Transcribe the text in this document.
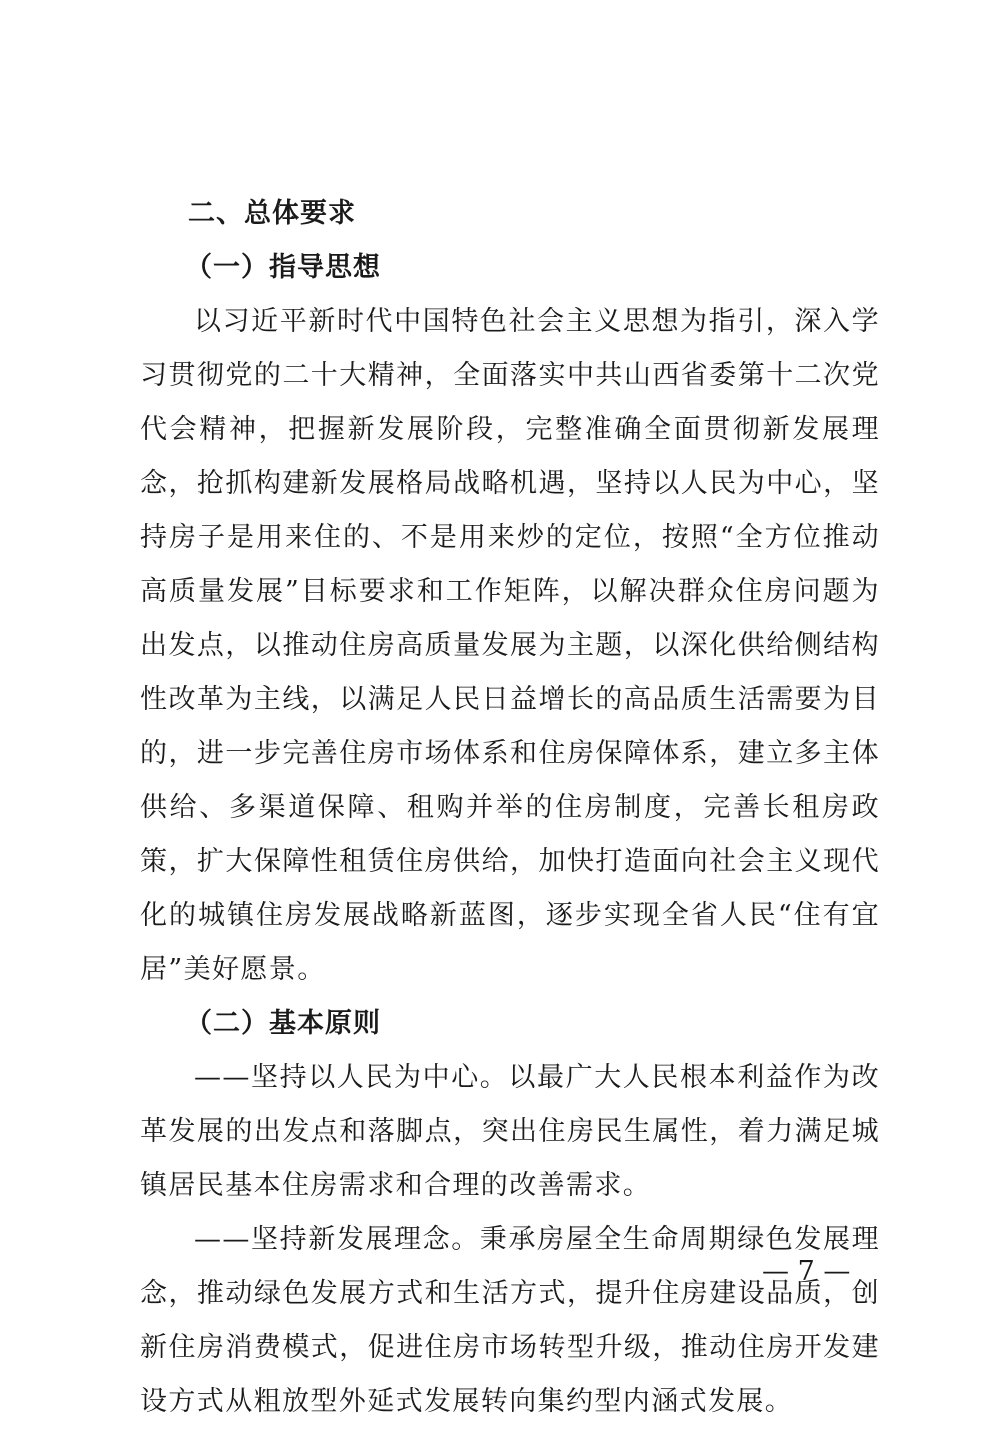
二、总体要求

（一）指导思想

以习近平新时代中国特色社会主义思想为指引，深入学习贯彻党的二十大精神，全面落实中共山西省委第十二次党代会精神，把握新发展阶段，完整准确全面贯彻新发展理念，抢抓构建新发展格局战略机遇，坚持以人民为中心，坚持房子是用来住的、不是用来炒的定位，按照“全方位推动高质量发展”目标要求和工作矩阵，以解决群众住房问题为出发点，以推动住房高质量发展为主题，以深化供给侧结构性改革为主线，以满足人民日益增长的高品质生活需要为目的，进一步完善住房市场体系和住房保障体系，建立多主体供给、多渠道保障、租购并举的住房制度，完善长租房政策，扩大保障性租赁住房供给，加快打造面向社会主义现代化的城镇住房发展战略新蓝图，逐步实现全省人民“住有宜居”美好愿景。

（二）基本原则

——坚持以人民为中心。以最广大人民根本利益作为改革发展的出发点和落脚点，突出住房民生属性，着力满足城镇居民基本住房需求和合理的改善需求。

——坚持新发展理念。秉承房屋全生命周期绿色发展理念，推动绿色发展方式和生活方式，提升住房建设品质，创新住房消费模式，促进住房市场转型升级，推动住房开发建设方式从粗放型外延式发展转向集约型内涵式发展。

— 7 —
